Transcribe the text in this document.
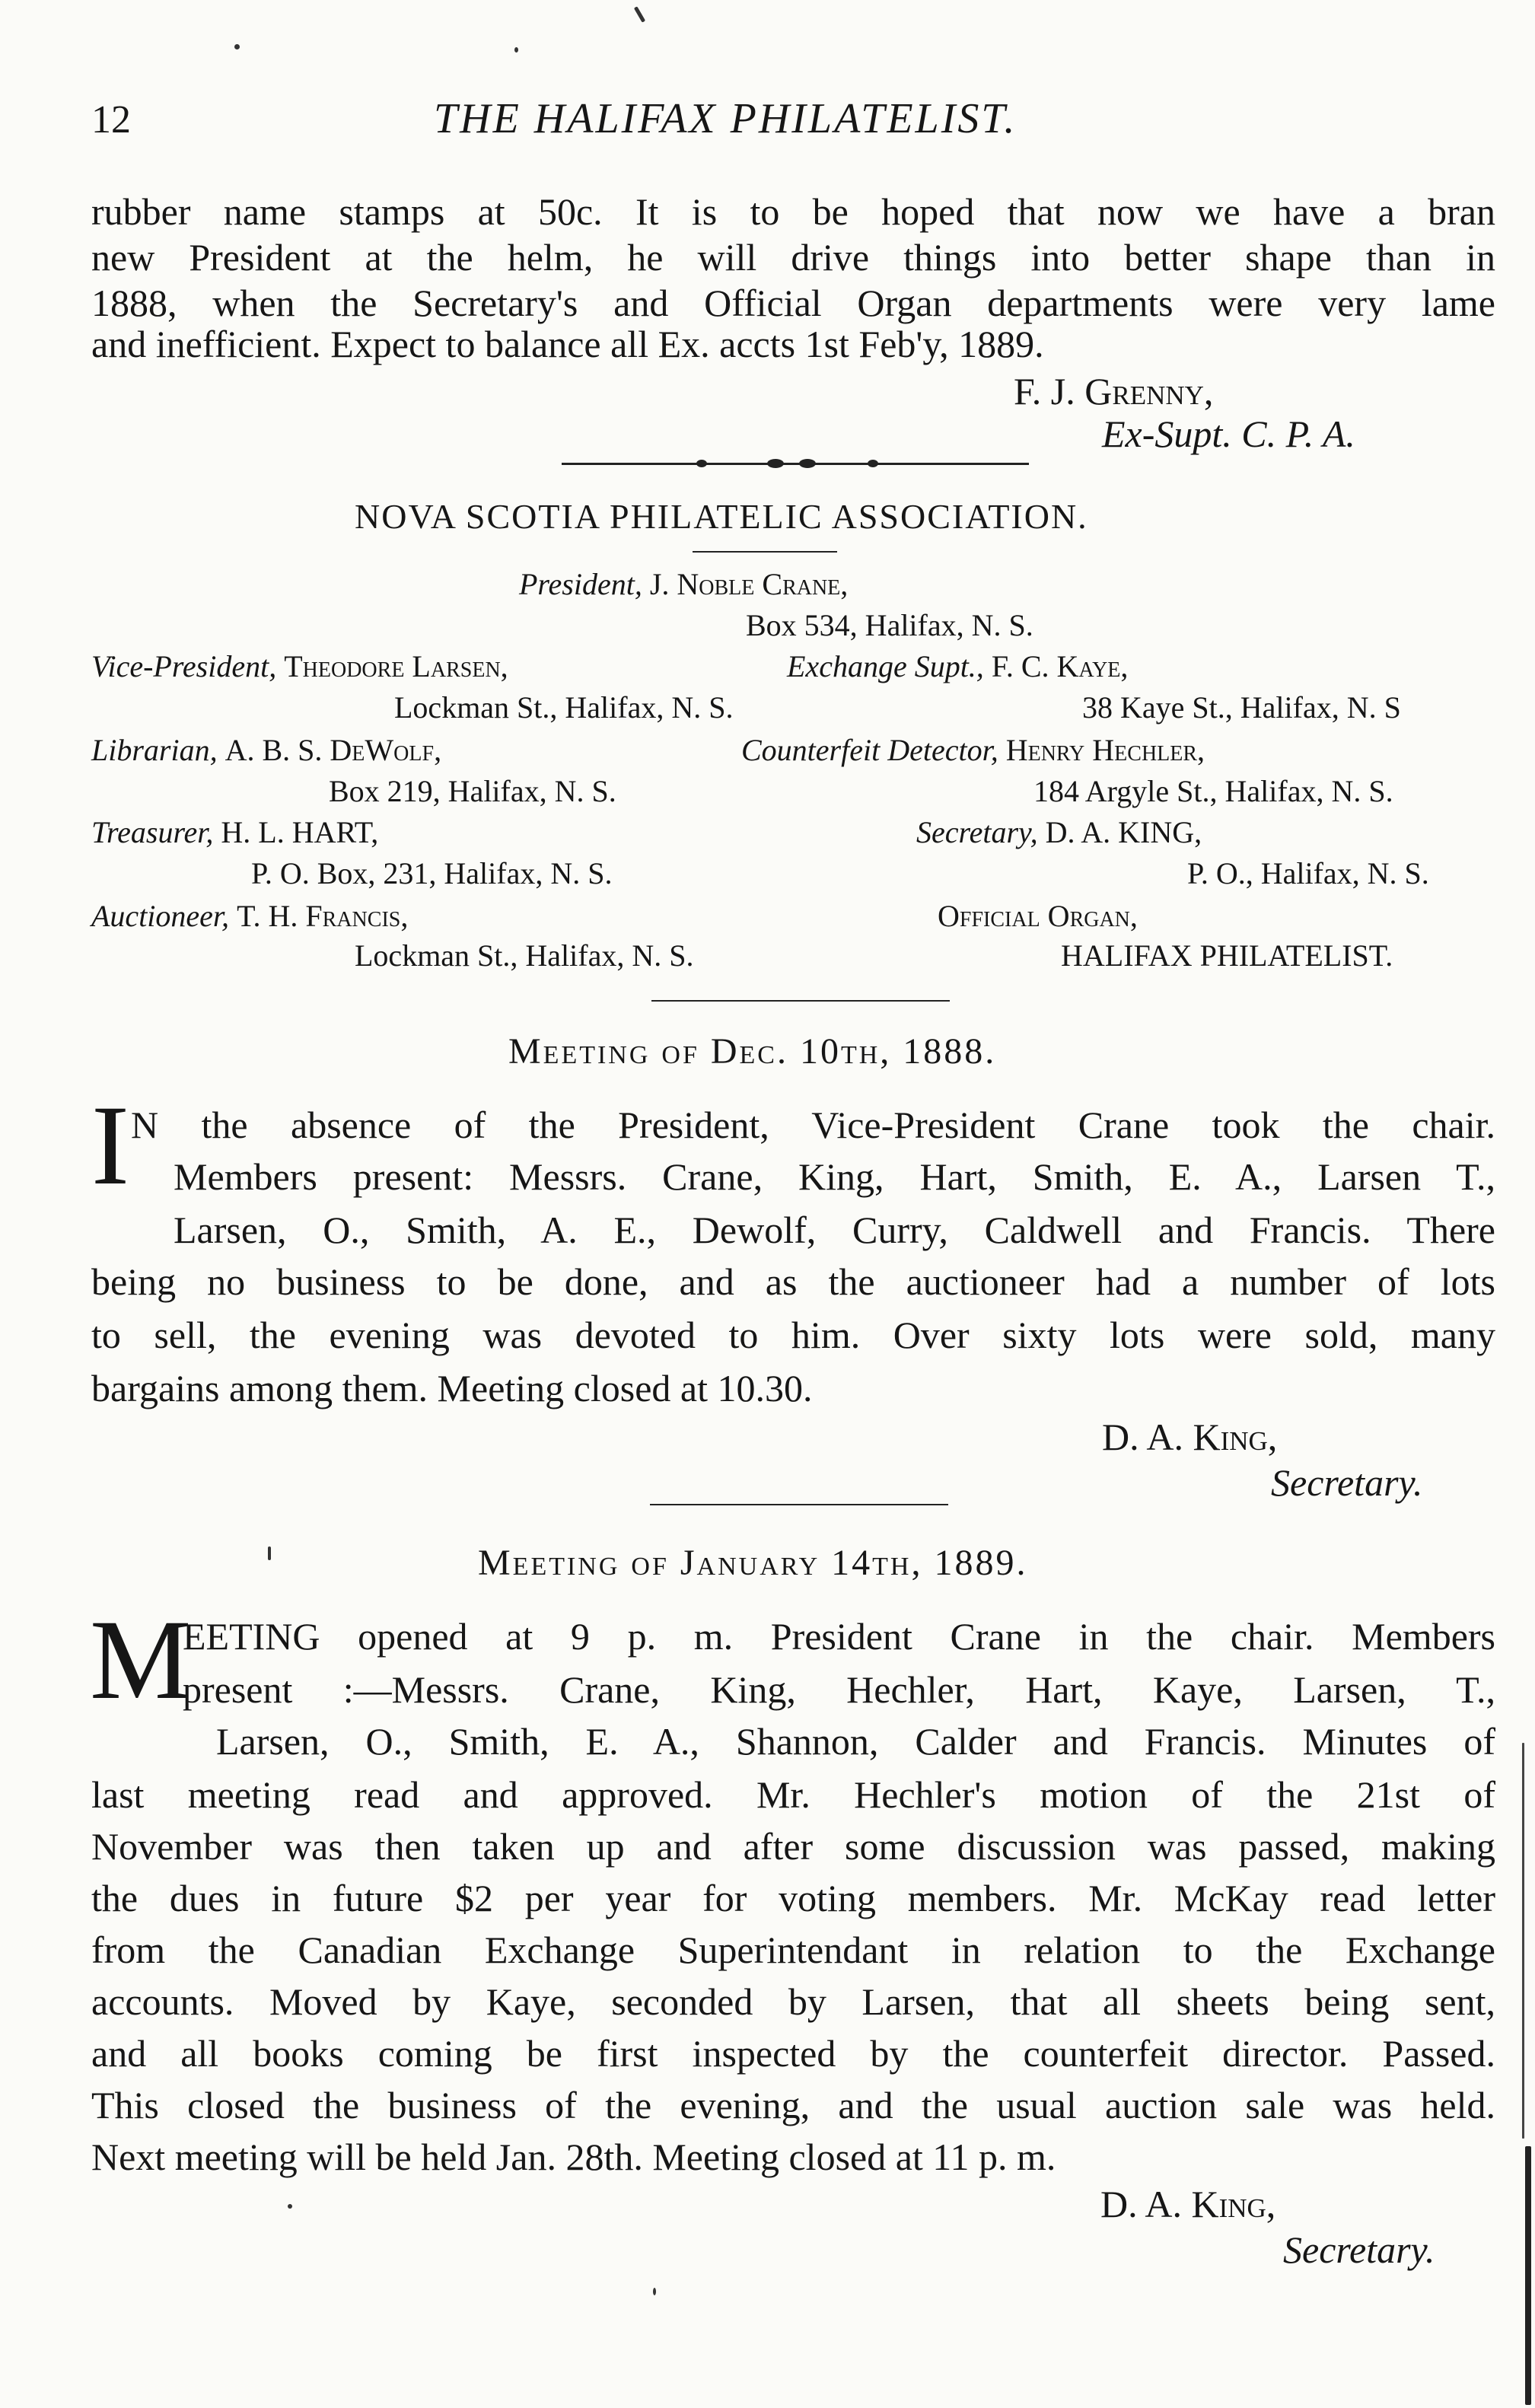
12	THE HALIFAX PHILATELIST.
rubber name stamps at 50c. It is to be hoped that now we have a bran
new President at the helm, he will drive things into better shape than in
1888, when the Secretary's and Official Organ departments were very lame
and inefficient. Expect to balance all Ex. accts 1st Feb'y, 1889.
F. J. Grenny,
Ex-Supt. C. P. A.
NOVA SCOTIA PHILATELIC ASSOCIATION.
President, J. Noble Crane,
Box 534, Halifax, N. S.
Vice-President, Theodore Larsen,	Exchange Supt., F. C. Kaye,
Lockman St., Halifax, N. S.	38 Kaye St., Halifax, N. S
Librarian, A. B. S. DeWolf,	Counterfeit Detector, Henry Hechler,
Box 219, Halifax, N. S.	184 Argyle St., Halifax, N. S.
Treasurer, H. L. HART,	Secretary, D. A. KING,
P. O. Box, 231, Halifax, N. S.	P. O., Halifax, N. S.
Auctioneer, T. H. Francis,	Official Organ,
Lockman St., Halifax, N. S.	HALIFAX PHILATELIST.
Meeting of Dec. 10th, 1888.
I N the absence of the President, Vice-President Crane took the chair.
Members present: Messrs. Crane, King, Hart, Smith, E. A., Larsen T.,
Larsen, O., Smith, A. E., Dewolf, Curry, Caldwell and Francis. There
being no business to be done, and as the auctioneer had a number of lots
to sell, the evening was devoted to him. Over sixty lots were sold, many
bargains among them. Meeting closed at 10.30.
D. A. King,
Secretary.
Meeting of January 14th, 1889.
M
EETING opened at 9 p. m. President Crane in the chair. Members
present :—Messrs. Crane, King, Hechler, Hart, Kaye, Larsen, T.,
Larsen, O., Smith, E. A., Shannon, Calder and Francis. Minutes of
last meeting read and approved. Mr. Hechler's motion of the 21st of
November was then taken up and after some discussion was passed, making
the dues in future $2 per year for voting members. Mr. McKay read letter
from the Canadian Exchange Superintendant in relation to the Exchange
accounts. Moved by Kaye, seconded by Larsen, that all sheets being sent,
and all books coming be first inspected by the counterfeit director. Passed.
This closed the business of the evening, and the usual auction sale was held.
Next meeting will be held Jan. 28th. Meeting closed at 11 p. m.
D. A. King,
Secretary.
